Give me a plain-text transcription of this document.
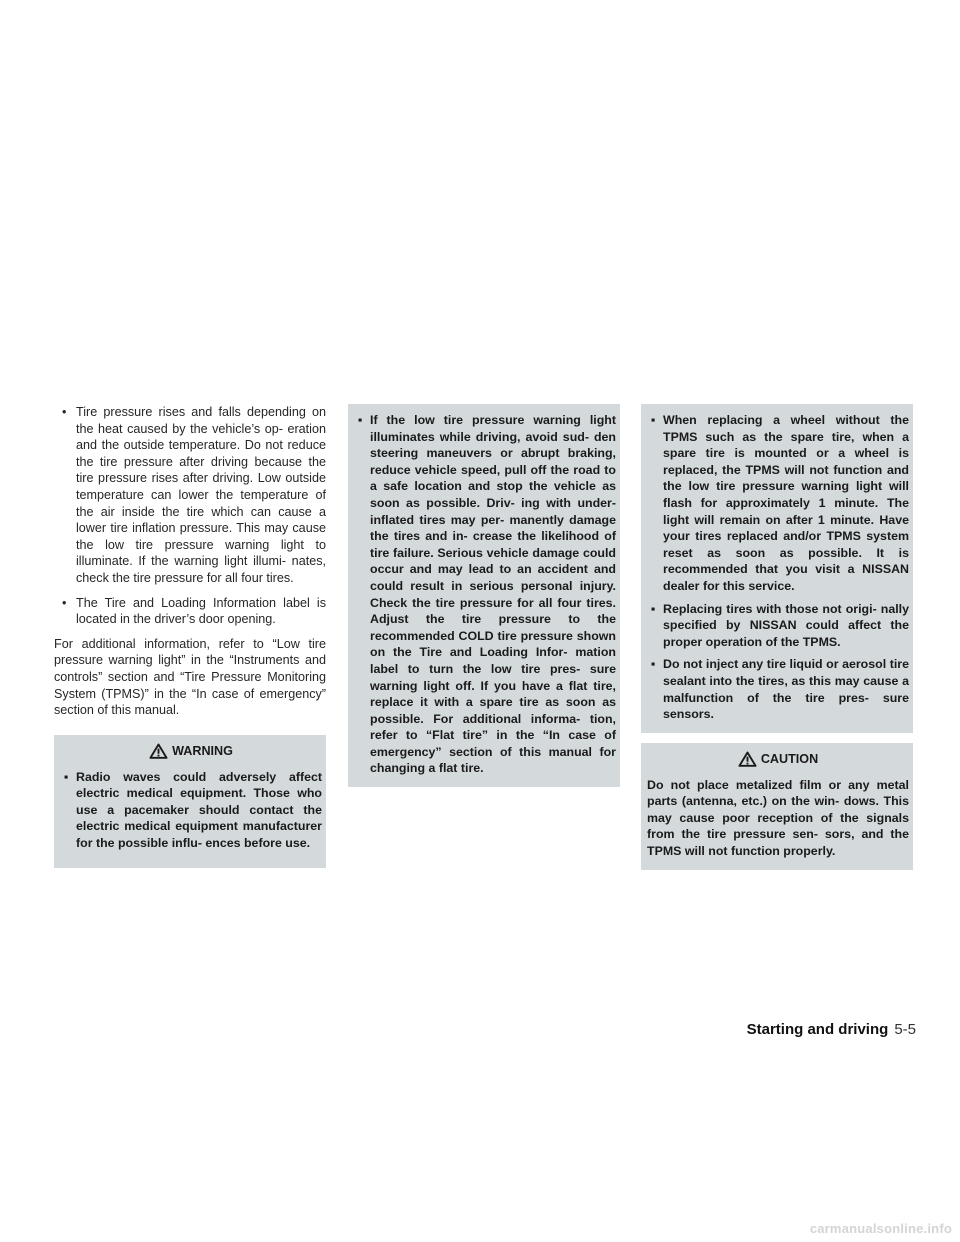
• Tire pressure rises and falls depending on the heat caused by the vehicle’s op- eration and the outside temperature. Do not reduce the tire pressure after driving because the tire pressure rises after driving. Low outside temperature can lower the temperature of the air inside the tire which can cause a lower tire inflation pressure. This may cause the low tire pressure warning light to illuminate. If the warning light illumi- nates, check the tire pressure for all four tires.
• The Tire and Loading Information label is located in the driver’s door opening.

For additional information, refer to “Low tire pressure warning light” in the “Instruments and controls” section and “Tire Pressure Monitoring System (TPMS)” in the “In case of emergency” section of this manual.

WARNING
▪ Radio waves could adversely affect electric medical equipment. Those who use a pacemaker should contact the electric medical equipment manufacturer for the possible influ- ences before use.
▪ If the low tire pressure warning light illuminates while driving, avoid sud- den steering maneuvers or abrupt braking, reduce vehicle speed, pull off the road to a safe location and stop the vehicle as soon as possible. Driv- ing with under-inflated tires may per- manently damage the tires and in- crease the likelihood of tire failure. Serious vehicle damage could occur and may lead to an accident and could result in serious personal injury. Check the tire pressure for all four tires. Adjust the tire pressure to the recommended COLD tire pressure shown on the Tire and Loading Infor- mation label to turn the low tire pres- sure warning light off. If you have a flat tire, replace it with a spare tire as soon as possible. For additional informa- tion, refer to “Flat tire” in the “In case of emergency” section of this manual for changing a flat tire.
▪ When replacing a wheel without the TPMS such as the spare tire, when a spare tire is mounted or a wheel is replaced, the TPMS will not function and the low tire pressure warning light will flash for approximately 1 minute. The light will remain on after 1 minute. Have your tires replaced and/or TPMS system reset as soon as possible. It is recommended that you visit a NISSAN dealer for this service.
▪ Replacing tires with those not origi- nally specified by NISSAN could affect the proper operation of the TPMS.
▪ Do not inject any tire liquid or aerosol tire sealant into the tires, as this may cause a malfunction of the tire pres- sure sensors.
CAUTION

Do not place metalized film or any metal parts (antenna, etc.) on the win- dows. This may cause poor reception of the signals from the tire pressure sen- sors, and the TPMS will not function properly.

Starting and driving 5-5
carmanualsonline.info
